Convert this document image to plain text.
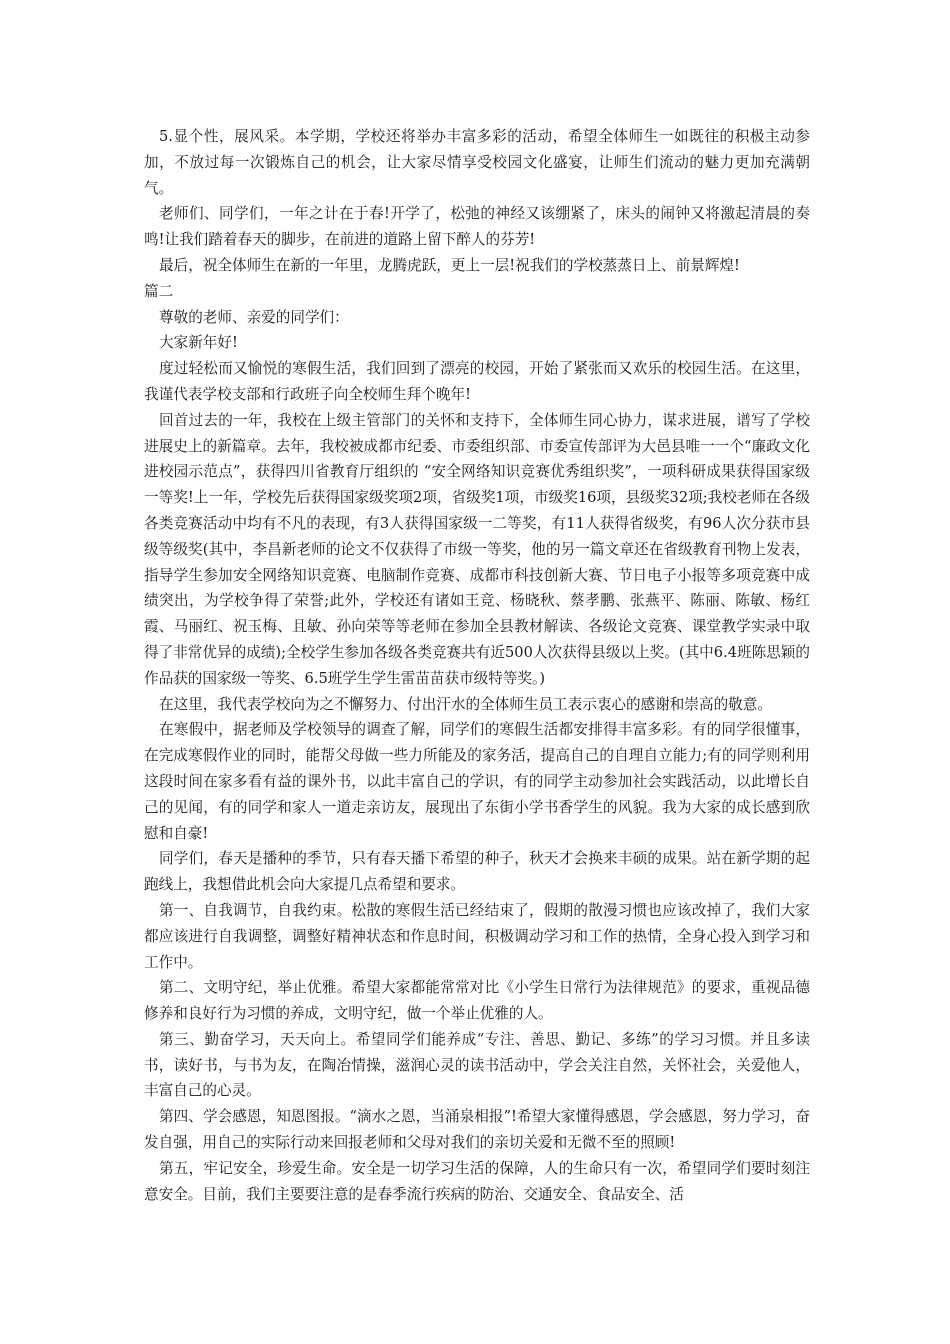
5.显个性，展风采。本学期，学校还将举办丰富多彩的活动，希望全体师生一如既往的积极主动参加，不放过每一次锻炼自己的机会，让大家尽情享受校园文化盛宴，让师生们流动的魅力更加充满朝气。

老师们、同学们，一年之计在于春!开学了，松弛的神经又该绷紧了，床头的闹钟又将激起清晨的奏鸣!让我们踏着春天的脚步，在前进的道路上留下醉人的芬芳!

最后，祝全体师生在新的一年里，龙腾虎跃，更上一层!祝我们的学校蒸蒸日上、前景辉煌!

篇二

尊敬的老师、亲爱的同学们：

大家新年好!

度过轻松而又愉悦的寒假生活，我们回到了漂亮的校园，开始了紧张而又欢乐的校园生活。在这里，我谨代表学校支部和行政班子向全校师生拜个晚年!

回首过去的一年，我校在上级主管部门的关怀和支持下，全体师生同心协力，谋求进展，谱写了学校进展史上的新篇章。去年，我校被成都市纪委、市委组织部、市委宣传部评为大邑县唯一一个“廉政文化进校园示范点”，获得四川省教育厅组织的 “安全网络知识竞赛优秀组织奖”，一项科研成果获得国家级一等奖!上一年，学校先后获得国家级奖项2项，省级奖1项，市级奖16项，县级奖32项;我校老师在各级各类竞赛活动中均有不凡的表现，有3人获得国家级一二等奖，有11人获得省级奖，有96人次分获市县级等级奖(其中，李昌新老师的论文不仅获得了市级一等奖，他的另一篇文章还在省级教育刊物上发表，指导学生参加安全网络知识竞赛、电脑制作竞赛、成都市科技创新大赛、节日电子小报等多项竞赛中成绩突出，为学校争得了荣誉;此外，学校还有诸如王竞、杨晓秋、蔡孝鹏、张燕平、陈丽、陈敏、杨红霞、马丽红、祝玉梅、且敏、孙向荣等等老师在参加全县教材解读、各级论文竞赛、课堂教学实录中取得了非常优异的成绩);全校学生参加各级各类竞赛共有近500人次获得县级以上奖。(其中6.4班陈思颖的作品获的国家级一等奖、6.5班学生学生雷苗苗获市级特等奖。)

在这里，我代表学校向为之不懈努力、付出汗水的全体师生员工表示衷心的感谢和崇高的敬意。

在寒假中，据老师及学校领导的调查了解，同学们的寒假生活都安排得丰富多彩。有的同学很懂事，在完成寒假作业的同时，能帮父母做一些力所能及的家务活，提高自己的自理自立能力;有的同学则利用这段时间在家多看有益的课外书，以此丰富自己的学识，有的同学主动参加社会实践活动，以此增长自己的见闻，有的同学和家人一道走亲访友，展现出了东街小学书香学生的风貌。我为大家的成长感到欣慰和自豪!

同学们，春天是播种的季节，只有春天播下希望的种子，秋天才会换来丰硕的成果。站在新学期的起跑线上，我想借此机会向大家提几点希望和要求。

第一、自我调节，自我约束。松散的寒假生活已经结束了，假期的散漫习惯也应该改掉了，我们大家都应该进行自我调整，调整好精神状态和作息时间，积极调动学习和工作的热情，全身心投入到学习和工作中。

第二、文明守纪，举止优雅。希望大家都能常常对比《小学生日常行为法律规范》的要求，重视品德修养和良好行为习惯的养成，文明守纪，做一个举止优雅的人。

第三、勤奋学习，天天向上。希望同学们能养成“专注、善思、勤记、多练”的学习习惯。并且多读书，读好书，与书为友，在陶冶情操，滋润心灵的读书活动中，学会关注自然，关怀社会，关爱他人，丰富自己的心灵。

第四、学会感恩，知恩图报。“滴水之恩，当涌泉相报”!希望大家懂得感恩，学会感恩，努力学习，奋发自强，用自己的实际行动来回报老师和父母对我们的亲切关爱和无微不至的照顾!

第五，牢记安全，珍爱生命。安全是一切学习生活的保障，人的生命只有一次，希望同学们要时刻注意安全。目前，我们主要要注意的是春季流行疾病的防治、交通安全、食品安全、活
